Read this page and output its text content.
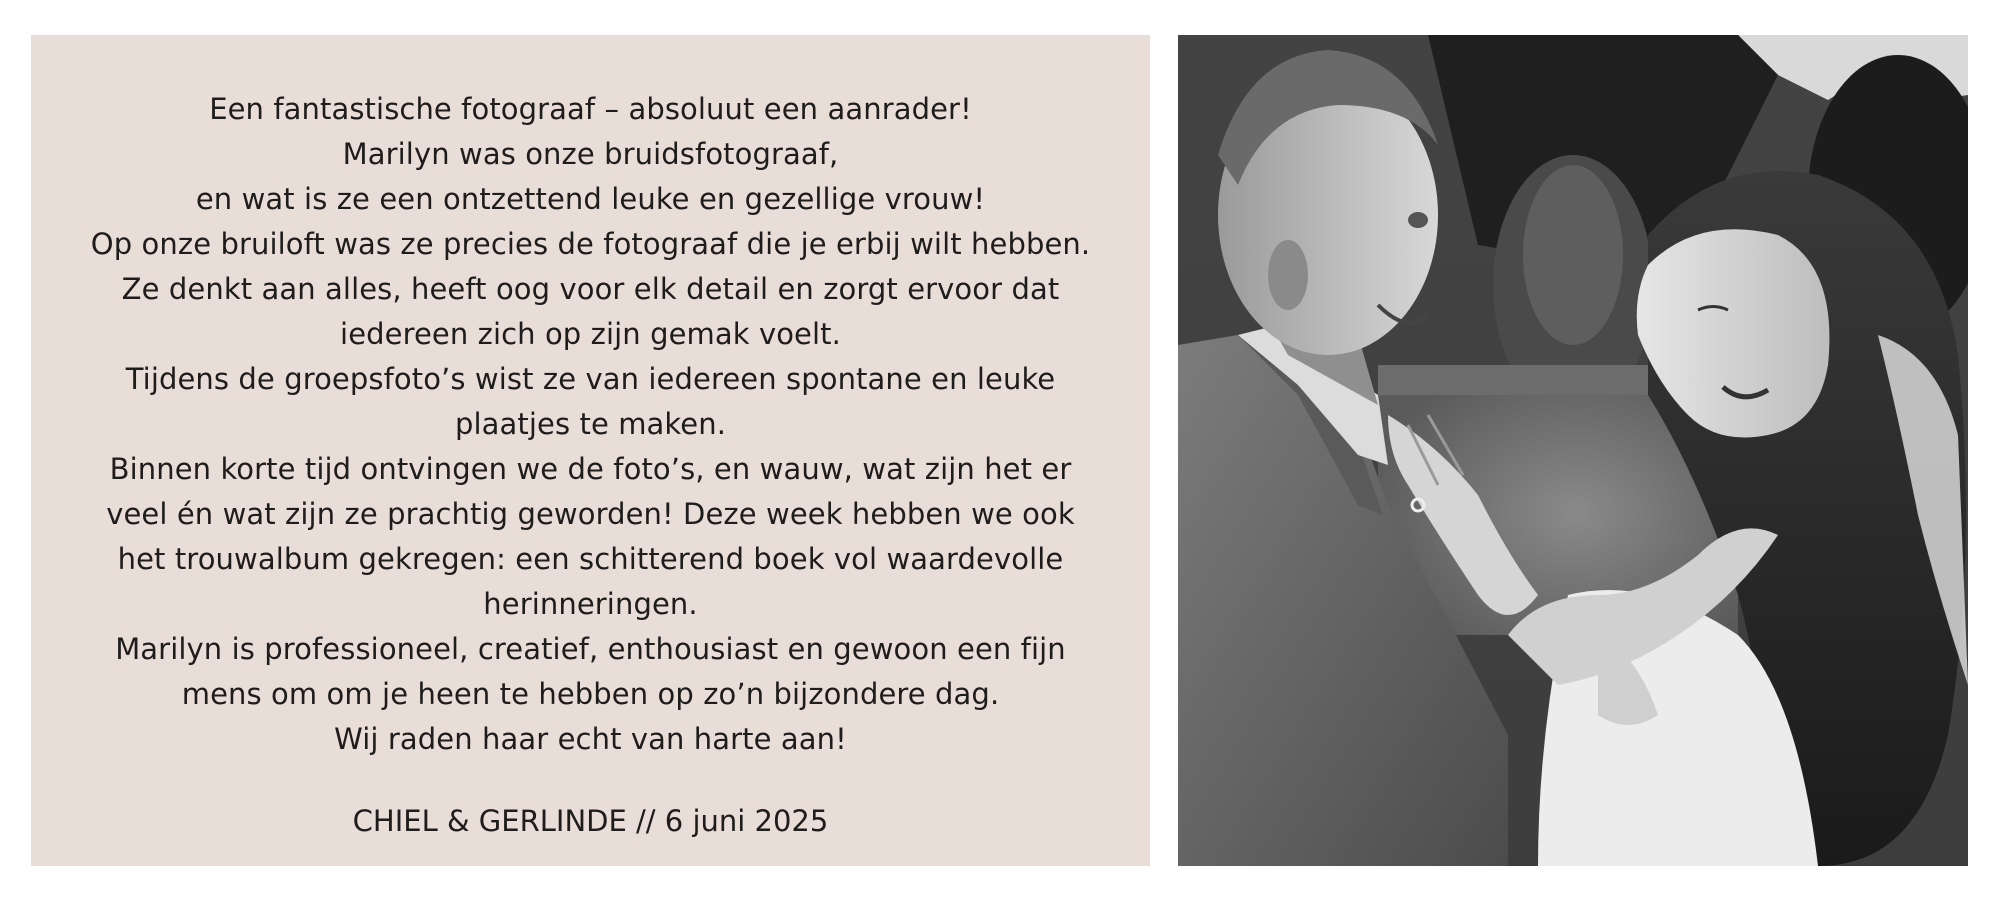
Een fantastische fotograaf – absoluut een aanrader!
Marilyn was onze bruidsfotograaf,
en wat is ze een ontzettend leuke en gezellige vrouw!
Op onze bruiloft was ze precies de fotograaf die je erbij wilt hebben.
Ze denkt aan alles, heeft oog voor elk detail en zorgt ervoor dat
iedereen zich op zijn gemak voelt.
Tijdens de groepsfoto’s wist ze van iedereen spontane en leuke
plaatjes te maken.
Binnen korte tijd ontvingen we de foto’s, en wauw, wat zijn het er
veel én wat zijn ze prachtig geworden! Deze week hebben we ook
het trouwalbum gekregen: een schitterend boek vol waardevolle
herinneringen.
Marilyn is professioneel, creatief, enthousiast en gewoon een fijn
mens om om je heen te hebben op zo’n bijzondere dag.
Wij raden haar echt van harte aan!
CHIEL & GERLINDE // 6 juni 2025
